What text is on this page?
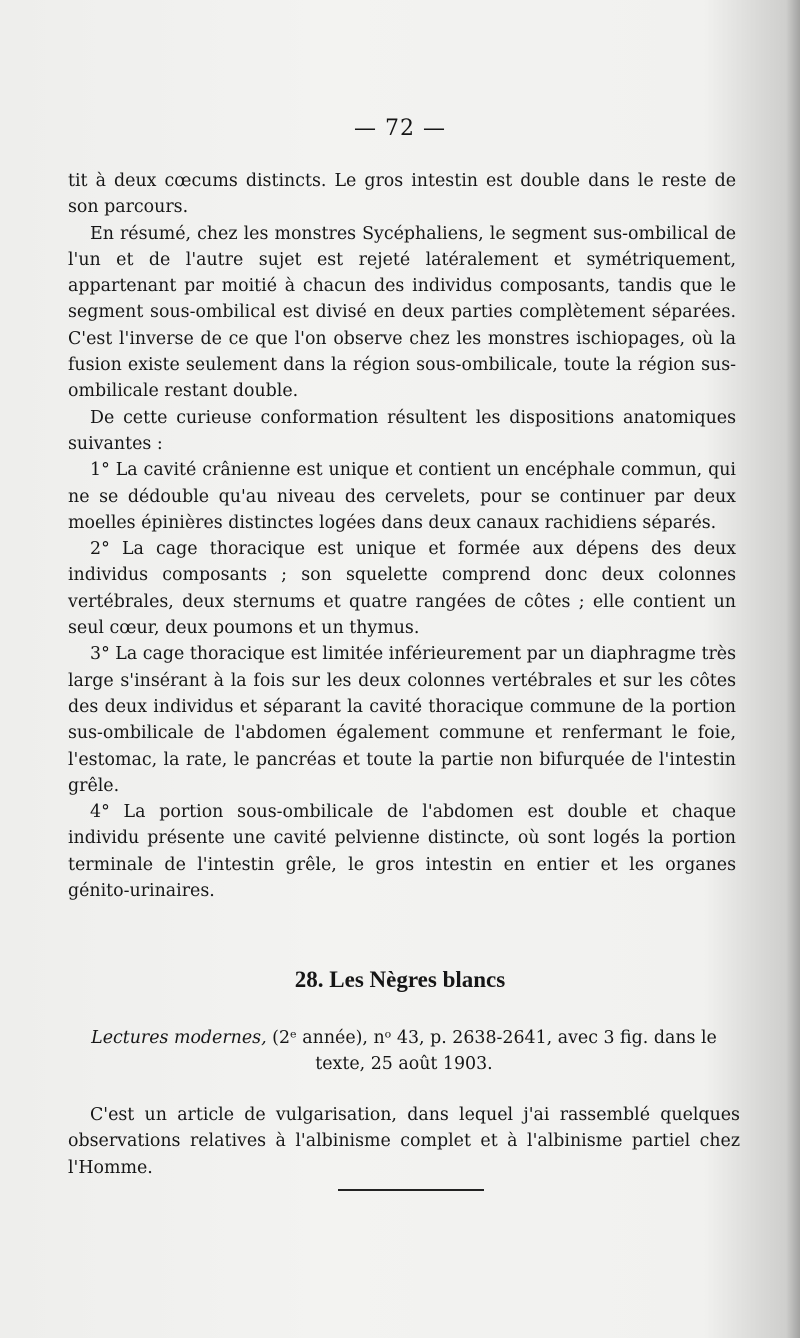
— 72 —

tit à deux cœcums distincts. Le gros intestin est double dans le reste de son parcours.

En résumé, chez les monstres Sycéphaliens, le segment sus-ombilical de l'un et de l'autre sujet est rejeté latéralement et symétriquement, appartenant par moitié à chacun des individus composants, tandis que le segment sous-ombilical est divisé en deux parties complètement séparées. C'est l'inverse de ce que l'on observe chez les monstres ischiopages, où la fusion existe seulement dans la région sous-ombilicale, toute la région sus-ombilicale restant double.

De cette curieuse conformation résultent les dispositions anatomiques suivantes :

1° La cavité crânienne est unique et contient un encéphale commun, qui ne se dédouble qu'au niveau des cervelets, pour se continuer par deux moelles épinières distinctes logées dans deux canaux rachidiens séparés.

2° La cage thoracique est unique et formée aux dépens des deux individus composants ; son squelette comprend donc deux colonnes vertébrales, deux sternums et quatre rangées de côtes ; elle contient un seul cœur, deux poumons et un thymus.

3° La cage thoracique est limitée inférieurement par un diaphragme très large s'insérant à la fois sur les deux colonnes vertébrales et sur les côtes des deux individus et séparant la cavité thoracique commune de la portion sus-ombilicale de l'abdomen également commune et renfermant le foie, l'estomac, la rate, le pancréas et toute la partie non bifurquée de l'intestin grêle.

4° La portion sous-ombilicale de l'abdomen est double et chaque individu présente une cavité pelvienne distincte, où sont logés la portion terminale de l'intestin grêle, le gros intestin en entier et les organes génito-urinaires.

28. Les Nègres blancs
Lectures modernes, (2ᵉ année), nᵒ 43, p. 2638-2641, avec 3 fig. dans le texte, 25 août 1903.

C'est un article de vulgarisation, dans lequel j'ai rassemblé quelques observations relatives à l'albinisme complet et à l'albinisme partiel chez l'Homme.
